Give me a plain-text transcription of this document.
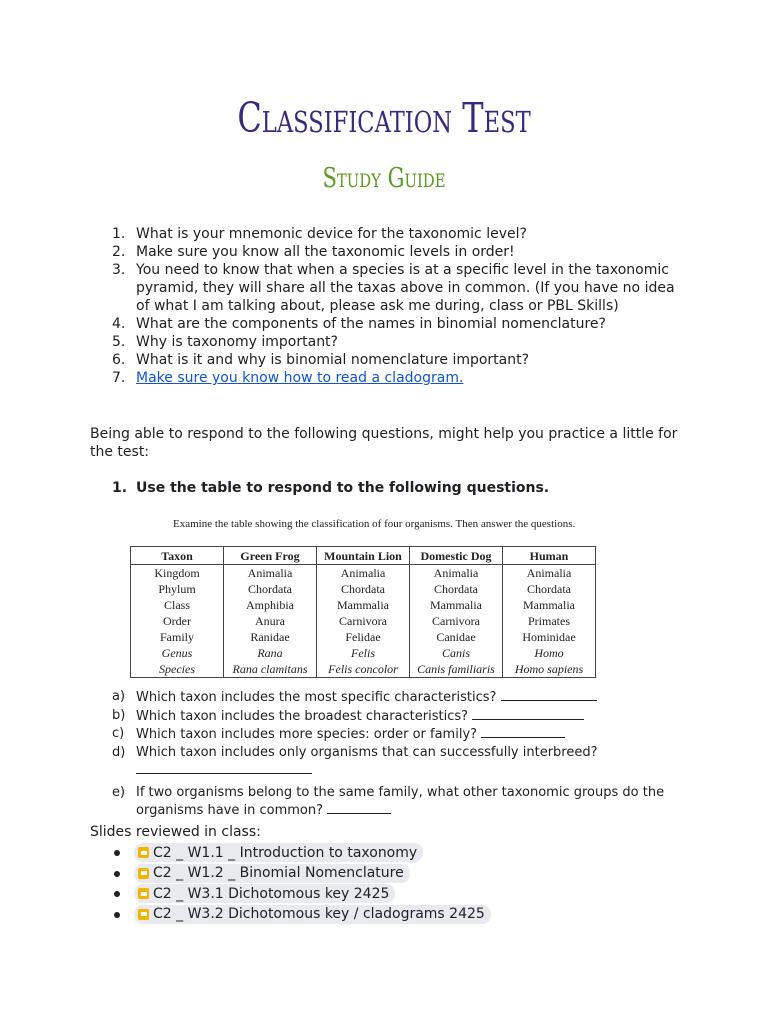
Classification Test
Study Guide
1. What is your mnemonic device for the taxonomic level?
2. Make sure you know all the taxonomic levels in order!
3. You need to know that when a species is at a specific level in the taxonomic pyramid, they will share all the taxas above in common. (If you have no idea of what I am talking about, please ask me during, class or PBL Skills)
4. What are the components of the names in binomial nomenclature?
5. Why is taxonomy important?
6. What is it and why is binomial nomenclature important?
7. Make sure you know how to read a cladogram.
Being able to respond to the following questions, might help you practice a little for the test:
1. Use the table to respond to the following questions.
Examine the table showing the classification of four organisms. Then answer the questions.
Taxon	Green Frog	Mountain Lion	Domestic Dog	Human
Kingdom	Animalia	Animalia	Animalia	Animalia
Phylum	Chordata	Chordata	Chordata	Chordata
Class	Amphibia	Mammalia	Mammalia	Mammalia
Order	Anura	Carnivora	Carnivora	Primates
Family	Ranidae	Felidae	Canidae	Hominidae
Genus	Rana	Felis	Canis	Homo
Species	Rana clamitans	Felis concolor	Canis familiaris	Homo sapiens
a) Which taxon includes the most specific characteristics?
b) Which taxon includes the broadest characteristics?
c) Which taxon includes more species: order or family?
d) Which taxon includes only organisms that can successfully interbreed?

e) If two organisms belong to the same family, what other taxonomic groups do the organisms have in common?
Slides reviewed in class:
C2 _ W1.1 _ Introduction to taxonomy
C2 _ W1.2 _ Binomial Nomenclature
C2 _ W3.1 Dichotomous key 2425
C2 _ W3.2 Dichotomous key / cladograms 2425
